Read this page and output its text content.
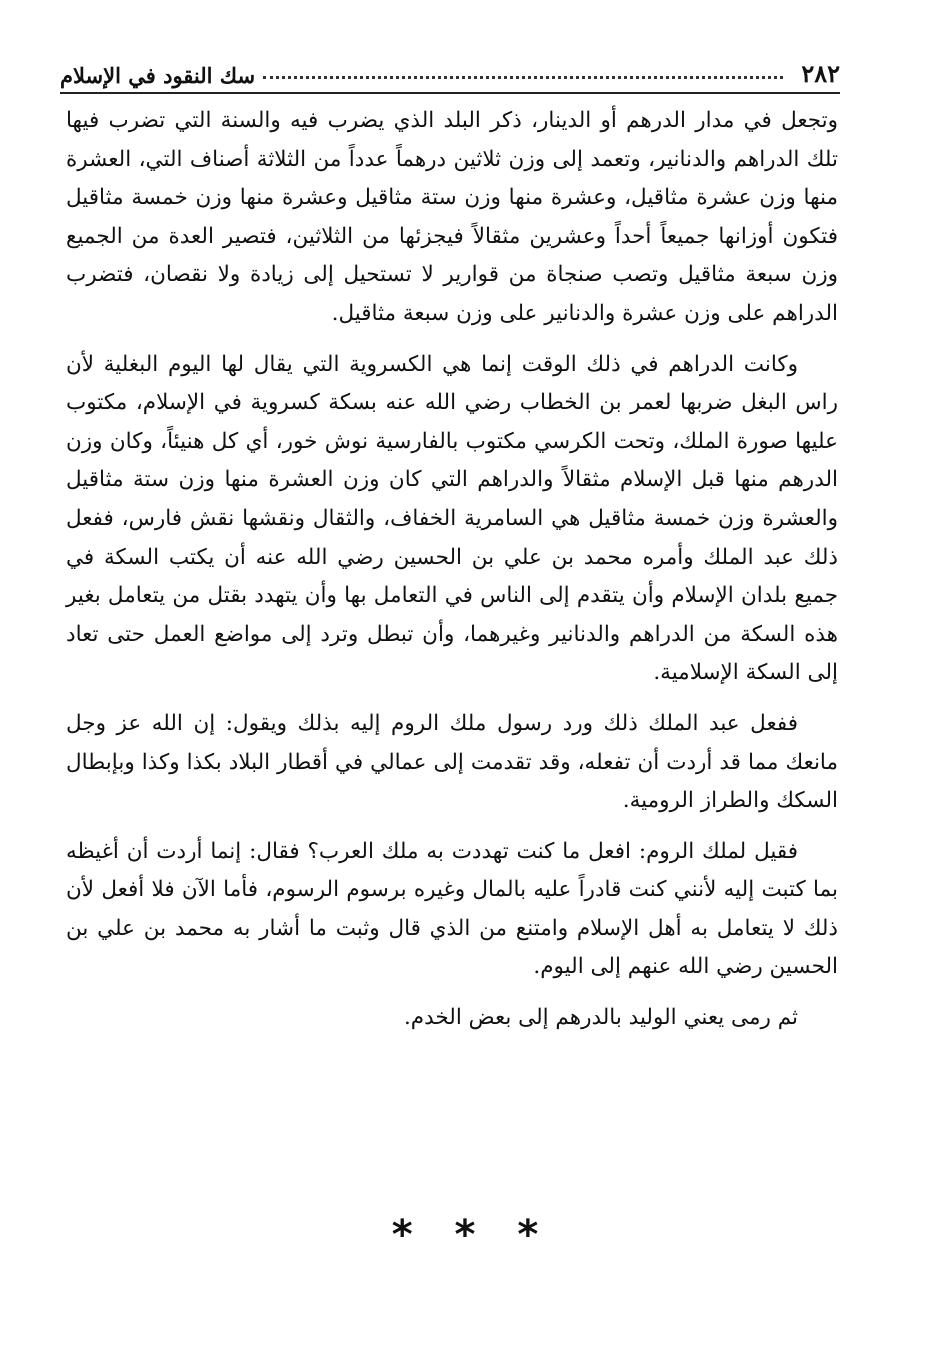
٢٨٢
سك النقود في الإسلام

وتجعل في مدار الدرهم أو الدينار، ذكر البلد الذي يضرب فيه والسنة التي تضرب فيها تلك الدراهم والدنانير، وتعمد إلى وزن ثلاثين درهماً عدداً من الثلاثة أصناف التي، العشرة منها وزن عشرة مثاقيل، وعشرة منها وزن ستة مثاقيل وعشرة منها وزن خمسة مثاقيل فتكون أوزانها جميعاً أحداً وعشرين مثقالاً فيجزئها من الثلاثين، فتصير العدة من الجميع وزن سبعة مثاقيل وتصب صنجاة من قوارير لا تستحيل إلى زيادة ولا نقصان، فتضرب الدراهم على وزن عشرة والدنانير على وزن سبعة مثاقيل.

وكانت الدراهم في ذلك الوقت إنما هي الكسروية التي يقال لها اليوم البغلية لأن راس البغل ضربها لعمر بن الخطاب رضي الله عنه بسكة كسروية في الإسلام، مكتوب عليها صورة الملك، وتحت الكرسي مكتوب بالفارسية نوش خور، أي كل هنيئاً، وكان وزن الدرهم منها قبل الإسلام مثقالاً والدراهم التي كان وزن العشرة منها وزن ستة مثاقيل والعشرة وزن خمسة مثاقيل هي السامرية الخفاف، والثقال ونقشها نقش فارس، ففعل ذلك عبد الملك وأمره محمد بن علي بن الحسين رضي الله عنه أن يكتب السكة في جميع بلدان الإسلام وأن يتقدم إلى الناس في التعامل بها وأن يتهدد بقتل من يتعامل بغير هذه السكة من الدراهم والدنانير وغيرهما، وأن تبطل وترد إلى مواضع العمل حتى تعاد إلى السكة الإسلامية.

ففعل عبد الملك ذلك ورد رسول ملك الروم إليه بذلك ويقول: إن الله عز وجل مانعك مما قد أردت أن تفعله، وقد تقدمت إلى عمالي في أقطار البلاد بكذا وكذا وبإبطال السكك والطراز الرومية.

فقيل لملك الروم: افعل ما كنت تهددت به ملك العرب؟ فقال: إنما أردت أن أغيظه بما كتبت إليه لأنني كنت قادراً عليه بالمال وغيره برسوم الرسوم، فأما الآن فلا أفعل لأن ذلك لا يتعامل به أهل الإسلام وامتنع من الذي قال وثبت ما أشار به محمد بن علي بن الحسين رضي الله عنهم إلى اليوم.

ثم رمى يعني الوليد بالدرهم إلى بعض الخدم.

* * *
